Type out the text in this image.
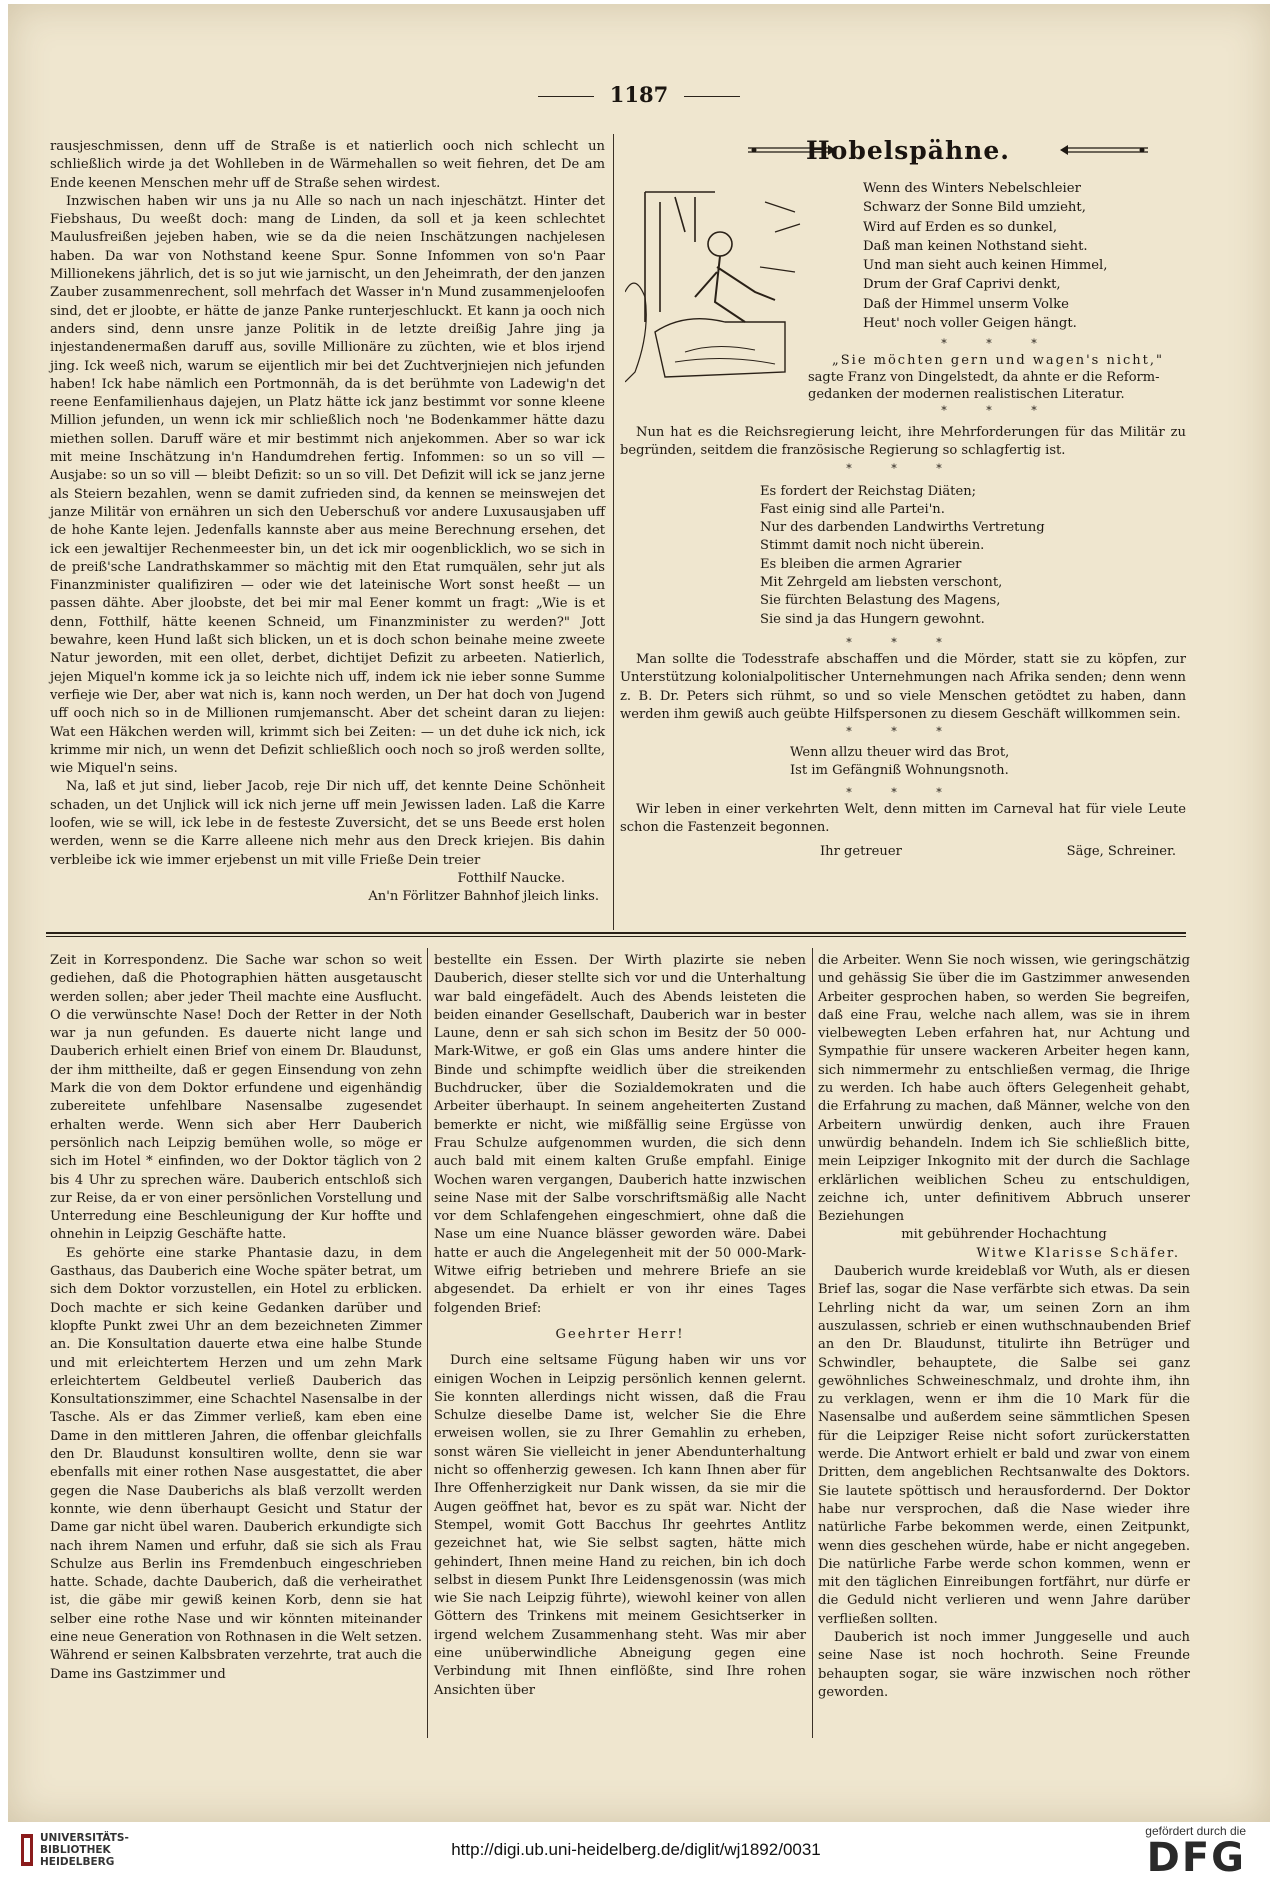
1187

rausjeschmissen, denn uff de Straße is et natierlich ooch nich schlecht un schließlich wirde ja det Wohlleben in de Wärmehallen so weit fiehren, det De am Ende keenen Menschen mehr uff de Straße sehen wirdest.

Inzwischen haben wir uns ja nu Alle so nach un nach injeschätzt. Hinter det Fiebshaus, Du weeßt doch: mang de Linden, da soll et ja keen schlechtet Maulusfreißen jejeben haben, wie se da die neien Inschätzungen nachjelesen haben. Da war von Nothstand keene Spur. Sonne Infommen von so'n Paar Millionekens jährlich, det is so jut wie jarnischt, un den Jeheimrath, der den janzen Zauber zusammenrechent, soll mehrfach det Wasser in'n Mund zusammenjeloofen sind, det er jloobte, er hätte de janze Panke runterjeschluckt. Et kann ja ooch nich anders sind, denn unsre janze Politik in de letzte dreißig Jahre jing ja injestandenermaßen daruff aus, soville Millionäre zu züchten, wie et blos irjend jing. Ick weeß nich, warum se eijentlich mir bei det Zuchtverjniejen nich jefunden haben! Ick habe nämlich een Portmonnäh, da is det berühmte von Ladewig'n det reene Eenfamilienhaus dajejen, un Platz hätte ick janz bestimmt vor sonne kleene Million jefunden, un wenn ick mir schließlich noch 'ne Bodenkammer hätte dazu miethen sollen. Daruff wäre et mir bestimmt nich anjekommen. Aber so war ick mit meine Inschätzung in'n Handumdrehen fertig. Infommen: so un so vill — Ausjabe: so un so vill — bleibt Defizit: so un so vill. Det Defizit will ick se janz jerne als Steiern bezahlen, wenn se damit zufrieden sind, da kennen se meinswejen det janze Militär von ernähren un sich den Ueberschuß vor andere Luxusausjaben uff de hohe Kante lejen. Jedenfalls kannste aber aus meine Berechnung ersehen, det ick een jewaltijer Rechenmeester bin, un det ick mir oogenblicklich, wo se sich in de preiß'sche Landrathskammer so mächtig mit den Etat rumquälen, sehr jut als Finanzminister qualifiziren — oder wie det lateinische Wort sonst heeßt — un passen dähte. Aber jloobste, det bei mir mal Eener kommt un fragt: „Wie is et denn, Fotthilf, hätte keenen Schneid, um Finanzminister zu werden?" Jott bewahre, keen Hund laßt sich blicken, un et is doch schon beinahe meine zweete Natur jeworden, mit een ollet, derbet, dichtijet Defizit zu arbeeten. Natierlich, jejen Miquel'n komme ick ja so leichte nich uff, indem ick nie ieber sonne Summe verfieje wie Der, aber wat nich is, kann noch werden, un Der hat doch von Jugend uff ooch nich so in de Millionen rumjemanscht. Aber det scheint daran zu liejen: Wat een Häkchen werden will, krimmt sich bei Zeiten: — un det duhe ick nich, ick krimme mir nich, un wenn det Defizit schließlich ooch noch so jroß werden sollte, wie Miquel'n seins.

Na, laß et jut sind, lieber Jacob, reje Dir nich uff, det kennte Deine Schönheit schaden, un det Unjlick will ick nich jerne uff mein Jewissen laden. Laß die Karre loofen, wie se will, ick lebe in de festeste Zuversicht, det se uns Beede erst holen werden, wenn se die Karre alleene nich mehr aus den Dreck kriejen. Bis dahin verbleibe ick wie immer erjebenst un mit ville Frieße Dein treier

Fotthilf Naucke.
An'n Förlitzer Bahnhof jleich links.
Hobelspähne.
Wenn des Winters Nebelschleier
Schwarz der Sonne Bild umzieht,
Wird auf Erden es so dunkel,
Daß man keinen Nothstand sieht.
Und man sieht auch keinen Himmel,
Drum der Graf Caprivi denkt,
Daß der Himmel unserm Volke
Heut' noch voller Geigen hängt.
* * *
„Sie möchten gern und wagen's nicht,"
sagte Franz von Dingelstedt, da ahnte er die Reform-
gedanken der modernen realistischen Literatur.
* * *

Nun hat es die Reichsregierung leicht, ihre Mehrforderungen für das Militär zu begründen, seitdem die französische Regierung so schlagfertig ist.

* * *
Es fordert der Reichstag Diäten;
Fast einig sind alle Partei'n.
Nur des darbenden Landwirths Vertretung
Stimmt damit noch nicht überein.
Es bleiben die armen Agrarier
Mit Zehrgeld am liebsten verschont,
Sie fürchten Belastung des Magens,
Sie sind ja das Hungern gewohnt.
* * *

Man sollte die Todesstrafe abschaffen und die Mörder, statt sie zu köpfen, zur Unterstützung kolonialpolitischer Unternehmungen nach Afrika senden; denn wenn z. B. Dr. Peters sich rühmt, so und so viele Menschen getödtet zu haben, dann werden ihm gewiß auch geübte Hilfspersonen zu diesem Geschäft willkommen sein.

* * *
Wenn allzu theuer wird das Brot,
Ist im Gefängniß Wohnungsnoth.
* * *

Wir leben in einer verkehrten Welt, denn mitten im Carneval hat für viele Leute schon die Fastenzeit begonnen.

Ihr getreuer	Säge, Schreiner.

Zeit in Korrespondenz. Die Sache war schon so weit gediehen, daß die Photographien hätten ausgetauscht werden sollen; aber jeder Theil machte eine Ausflucht. O die verwünschte Nase! Doch der Retter in der Noth war ja nun gefunden. Es dauerte nicht lange und Dauberich erhielt einen Brief von einem Dr. Blaudunst, der ihm mittheilte, daß er gegen Einsendung von zehn Mark die von dem Doktor erfundene und eigenhändig zubereitete unfehlbare Nasensalbe zugesendet erhalten werde. Wenn sich aber Herr Dauberich persönlich nach Leipzig bemühen wolle, so möge er sich im Hotel * einfinden, wo der Doktor täglich von 2 bis 4 Uhr zu sprechen wäre. Dauberich entschloß sich zur Reise, da er von einer persönlichen Vorstellung und Unterredung eine Beschleunigung der Kur hoffte und ohnehin in Leipzig Geschäfte hatte.

Es gehörte eine starke Phantasie dazu, in dem Gasthaus, das Dauberich eine Woche später betrat, um sich dem Doktor vorzustellen, ein Hotel zu erblicken. Doch machte er sich keine Gedanken darüber und klopfte Punkt zwei Uhr an dem bezeichneten Zimmer an. Die Konsultation dauerte etwa eine halbe Stunde und mit erleichtertem Herzen und um zehn Mark erleichtertem Geldbeutel verließ Dauberich das Konsultationszimmer, eine Schachtel Nasensalbe in der Tasche. Als er das Zimmer verließ, kam eben eine Dame in den mittleren Jahren, die offenbar gleichfalls den Dr. Blaudunst konsultiren wollte, denn sie war ebenfalls mit einer rothen Nase ausgestattet, die aber gegen die Nase Dauberichs als blaß verzollt werden konnte, wie denn überhaupt Gesicht und Statur der Dame gar nicht übel waren. Dauberich erkundigte sich nach ihrem Namen und erfuhr, daß sie sich als Frau Schulze aus Berlin ins Fremdenbuch eingeschrieben hatte. Schade, dachte Dauberich, daß die verheirathet ist, die gäbe mir gewiß keinen Korb, denn sie hat selber eine rothe Nase und wir könnten miteinander eine neue Generation von Rothnasen in die Welt setzen. Während er seinen Kalbsbraten verzehrte, trat auch die Dame ins Gastzimmer und

bestellte ein Essen. Der Wirth plazirte sie neben Dauberich, dieser stellte sich vor und die Unterhaltung war bald eingefädelt. Auch des Abends leisteten die beiden einander Gesellschaft, Dauberich war in bester Laune, denn er sah sich schon im Besitz der 50 000-Mark-Witwe, er goß ein Glas ums andere hinter die Binde und schimpfte weidlich über die streikenden Buchdrucker, über die Sozialdemokraten und die Arbeiter überhaupt. In seinem angeheiterten Zustand bemerkte er nicht, wie mißfällig seine Ergüsse von Frau Schulze aufgenommen wurden, die sich denn auch bald mit einem kalten Gruße empfahl. Einige Wochen waren vergangen, Dauberich hatte inzwischen seine Nase mit der Salbe vorschriftsmäßig alle Nacht vor dem Schlafengehen eingeschmiert, ohne daß die Nase um eine Nuance blässer geworden wäre. Dabei hatte er auch die Angelegenheit mit der 50 000-Mark-Witwe eifrig betrieben und mehrere Briefe an sie abgesendet. Da erhielt er von ihr eines Tages folgenden Brief:

Geehrter Herr!

Durch eine seltsame Fügung haben wir uns vor einigen Wochen in Leipzig persönlich kennen gelernt. Sie konnten allerdings nicht wissen, daß die Frau Schulze dieselbe Dame ist, welcher Sie die Ehre erweisen wollen, sie zu Ihrer Gemahlin zu erheben, sonst wären Sie vielleicht in jener Abendunterhaltung nicht so offenherzig gewesen. Ich kann Ihnen aber für Ihre Offenherzigkeit nur Dank wissen, da sie mir die Augen geöffnet hat, bevor es zu spät war. Nicht der Stempel, womit Gott Bacchus Ihr geehrtes Antlitz gezeichnet hat, wie Sie selbst sagten, hätte mich gehindert, Ihnen meine Hand zu reichen, bin ich doch selbst in diesem Punkt Ihre Leidensgenossin (was mich wie Sie nach Leipzig führte), wiewohl keiner von allen Göttern des Trinkens mit meinem Gesichtserker in irgend welchem Zusammenhang steht. Was mir aber eine unüberwindliche Abneigung gegen eine Verbindung mit Ihnen einflößte, sind Ihre rohen Ansichten über

die Arbeiter. Wenn Sie noch wissen, wie geringschätzig und gehässig Sie über die im Gastzimmer anwesenden Arbeiter gesprochen haben, so werden Sie begreifen, daß eine Frau, welche nach allem, was sie in ihrem vielbewegten Leben erfahren hat, nur Achtung und Sympathie für unsere wackeren Arbeiter hegen kann, sich nimmermehr zu entschließen vermag, die Ihrige zu werden. Ich habe auch öfters Gelegenheit gehabt, die Erfahrung zu machen, daß Männer, welche von den Arbeitern unwürdig denken, auch ihre Frauen unwürdig behandeln. Indem ich Sie schließlich bitte, mein Leipziger Inkognito mit der durch die Sachlage erklärlichen weiblichen Scheu zu entschuldigen, zeichne ich, unter definitivem Abbruch unserer Beziehungen

mit gebührender Hochachtung
Witwe Klarisse Schäfer.

Dauberich wurde kreideblaß vor Wuth, als er diesen Brief las, sogar die Nase verfärbte sich etwas. Da sein Lehrling nicht da war, um seinen Zorn an ihm auszulassen, schrieb er einen wuthschnaubenden Brief an den Dr. Blaudunst, titulirte ihn Betrüger und Schwindler, behauptete, die Salbe sei ganz gewöhnliches Schweineschmalz, und drohte ihm, ihn zu verklagen, wenn er ihm die 10 Mark für die Nasensalbe und außerdem seine sämmtlichen Spesen für die Leipziger Reise nicht sofort zurückerstatten werde. Die Antwort erhielt er bald und zwar von einem Dritten, dem angeblichen Rechtsanwalte des Doktors. Sie lautete spöttisch und herausfordernd. Der Doktor habe nur versprochen, daß die Nase wieder ihre natürliche Farbe bekommen werde, einen Zeitpunkt, wenn dies geschehen würde, habe er nicht angegeben. Die natürliche Farbe werde schon kommen, wenn er mit den täglichen Einreibungen fortfährt, nur dürfe er die Geduld nicht verlieren und wenn Jahre darüber verfließen sollten.

Dauberich ist noch immer Junggeselle und auch seine Nase ist noch hochroth. Seine Freunde behaupten sogar, sie wäre inzwischen noch röther geworden.

UNIVERSITÄTS-
BIBLIOTHEK
HEIDELBERG
http://digi.ub.uni-heidelberg.de/diglit/wj1892/0031
gefördert durch die
DFG
